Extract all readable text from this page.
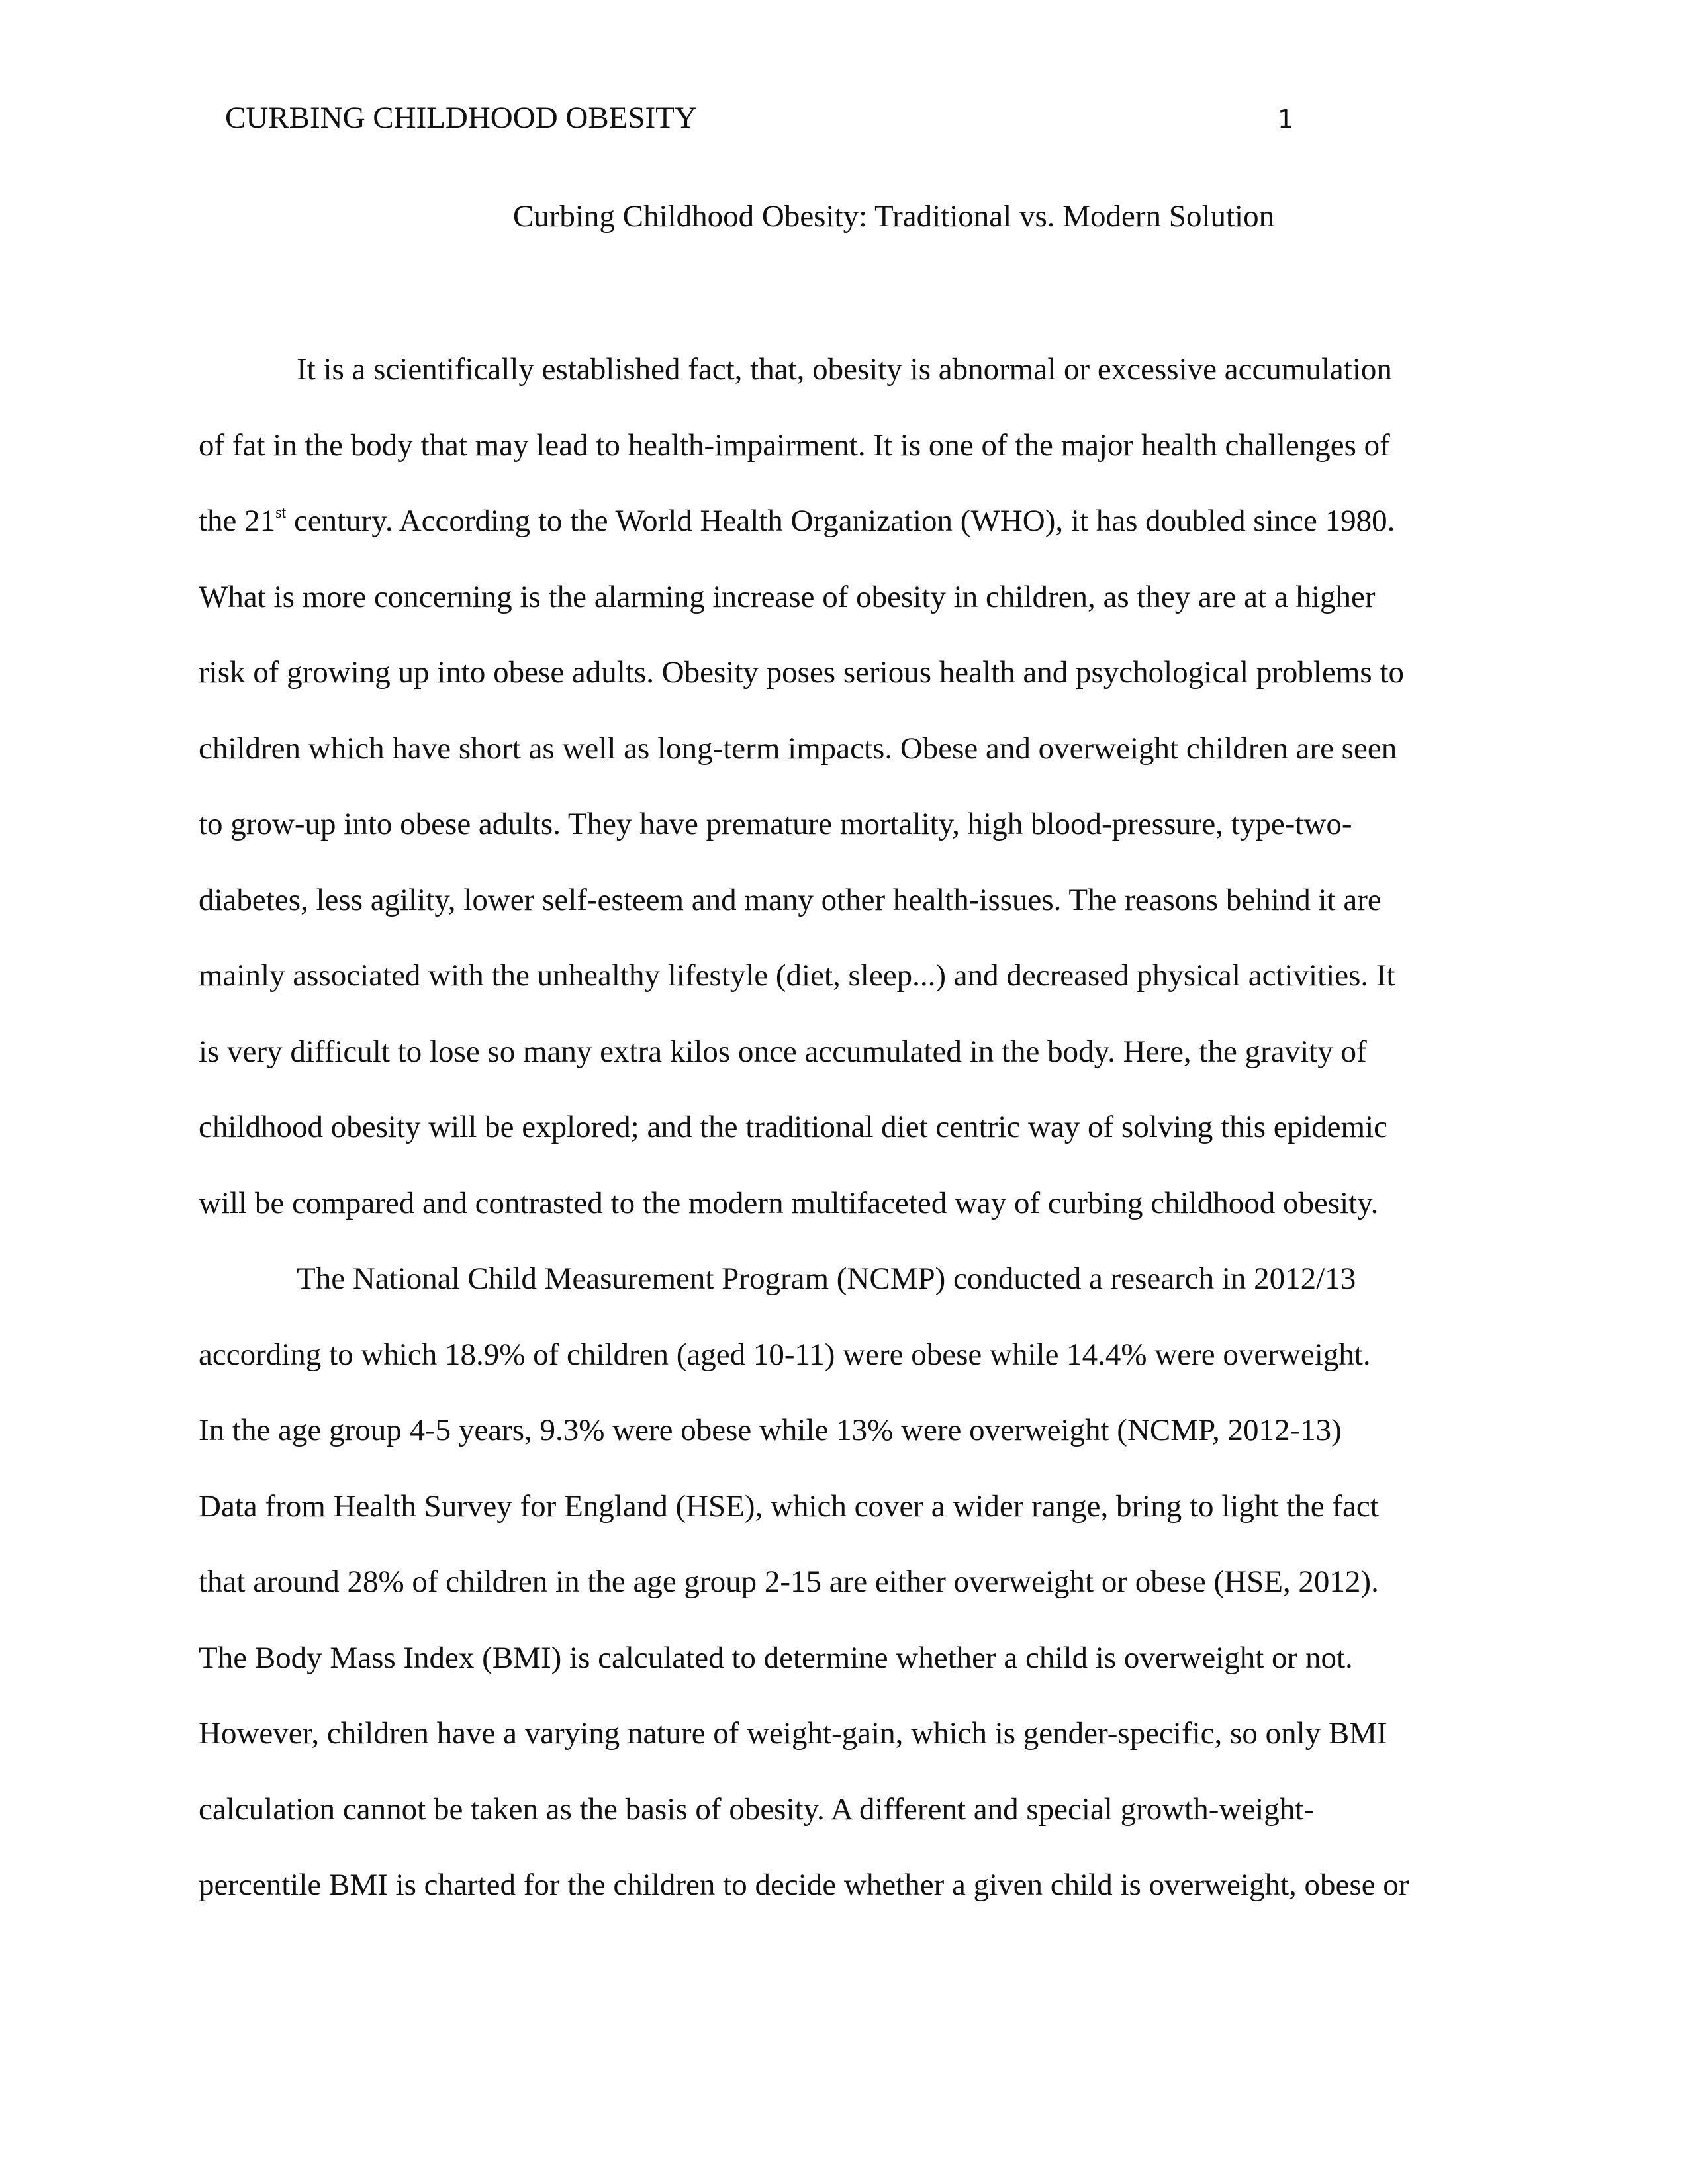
CURBING CHILDHOOD OBESITY	1
Curbing Childhood Obesity: Traditional vs. Modern Solution
It is a scientifically established fact, that, obesity is abnormal or excessive accumulation
of fat in the body that may lead to health-impairment. It is one of the major health challenges of
the 21st century. According to the World Health Organization (WHO), it has doubled since 1980.
What is more concerning is the alarming increase of obesity in children, as they are at a higher
risk of growing up into obese adults. Obesity poses serious health and psychological problems to
children which have short as well as long-term impacts. Obese and overweight children are seen
to grow-up into obese adults. They have premature mortality, high blood-pressure, type-two-
diabetes, less agility, lower self-esteem and many other health-issues. The reasons behind it are
mainly associated with the unhealthy lifestyle (diet, sleep...) and decreased physical activities. It
is very difficult to lose so many extra kilos once accumulated in the body. Here, the gravity of
childhood obesity will be explored; and the traditional diet centric way of solving this epidemic
will be compared and contrasted to the modern multifaceted way of curbing childhood obesity.
The National Child Measurement Program (NCMP) conducted a research in 2012/13
according to which 18.9% of children (aged 10-11) were obese while 14.4% were overweight.
In the age group 4-5 years, 9.3% were obese while 13% were overweight (NCMP, 2012-13)
Data from Health Survey for England (HSE), which cover a wider range, bring to light the fact
that around 28% of children in the age group 2-15 are either overweight or obese (HSE, 2012).
The Body Mass Index (BMI) is calculated to determine whether a child is overweight or not.
However, children have a varying nature of weight-gain, which is gender-specific, so only BMI
calculation cannot be taken as the basis of obesity. A different and special growth-weight-
percentile BMI is charted for the children to decide whether a given child is overweight, obese or
